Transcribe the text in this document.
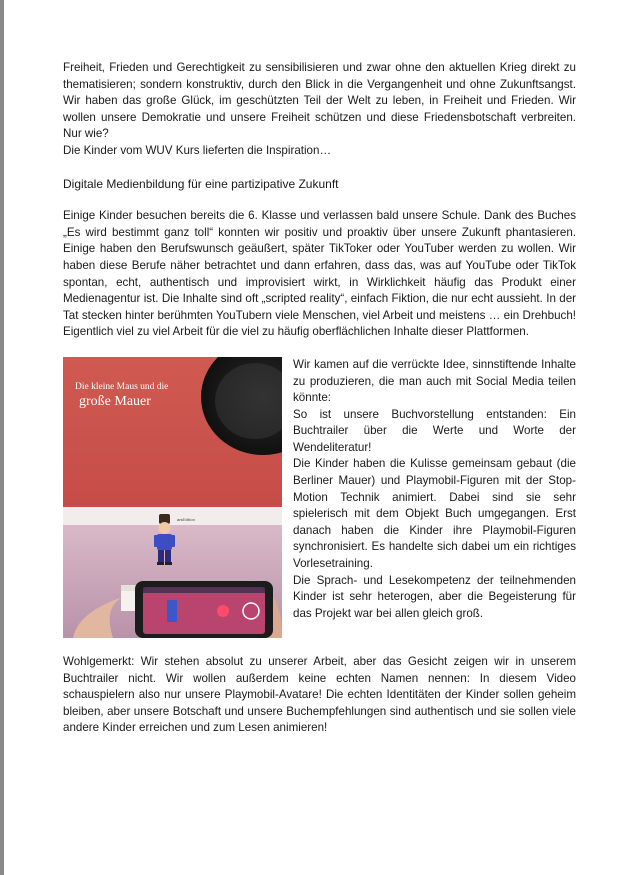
Freiheit, Frieden und Gerechtigkeit zu sensibilisieren und zwar ohne den aktuellen Krieg direkt zu thematisieren; sondern konstruktiv, durch den Blick in die Vergangenheit und ohne Zukunftsangst. Wir haben das große Glück, im geschützten Teil der Welt zu leben, in Freiheit und Frieden. Wir wollen unsere Demokratie und unsere Freiheit schützen und diese Friedensbotschaft verbreiten. Nur wie?

Die Kinder vom WUV Kurs lieferten die Inspiration…

Digitale Medienbildung für eine partizipative Zukunft

Einige Kinder besuchen bereits die 6. Klasse und verlassen bald unsere Schule. Dank des Buches „Es wird bestimmt ganz toll“ konnten wir positiv und proaktiv über unsere Zukunft phantasieren. Einige haben den Berufswunsch geäußert, später TikToker oder YouTuber werden zu wollen. Wir haben diese Berufe näher betrachtet und dann erfahren, dass das, was auf YouTube oder TikTok spontan, echt, authentisch und improvisiert wirkt, in Wirklichkeit häufig das Produkt einer Medienagentur ist. Die Inhalte sind oft „scripted reality“, einfach Fiktion, die nur echt aussieht. In der Tat stecken hinter berühmten YouTubern viele Menschen, viel Arbeit und meistens … ein Drehbuch! Eigentlich viel zu viel Arbeit für die viel zu häufig oberflächlichen Inhalte dieser Plattformen.

Die kleine Maus und die
große Mauer
arsEdition

Wir kamen auf die verrückte Idee, sinnstiftende Inhalte zu produzieren, die man auch mit Social Media teilen könnte:

So ist unsere Buchvorstellung entstanden: Ein Buchtrailer über die Werte und Worte der Wendeliteratur!

Die Kinder haben die Kulisse gemeinsam gebaut (die Berliner Mauer) und Playmobil-Figuren mit der Stop-Motion Technik animiert. Dabei sind sie sehr spielerisch mit dem Objekt Buch umgegangen. Erst danach haben die Kinder ihre Playmobil-Figuren synchronisiert. Es handelte sich dabei um ein richtiges Vorlesetraining.

Die Sprach- und Lesekompetenz der teilnehmenden Kinder ist sehr heterogen, aber die Begeisterung für das Projekt war bei allen gleich groß.

Wohlgemerkt: Wir stehen absolut zu unserer Arbeit, aber das Gesicht zeigen wir in unserem Buchtrailer nicht. Wir wollen außerdem keine echten Namen nennen: In diesem Video schauspielern also nur unsere Playmobil-Avatare! Die echten Identitäten der Kinder sollen geheim bleiben, aber unsere Botschaft und unsere Buchempfehlungen sind authentisch und sie sollen viele andere Kinder erreichen und zum Lesen animieren!
